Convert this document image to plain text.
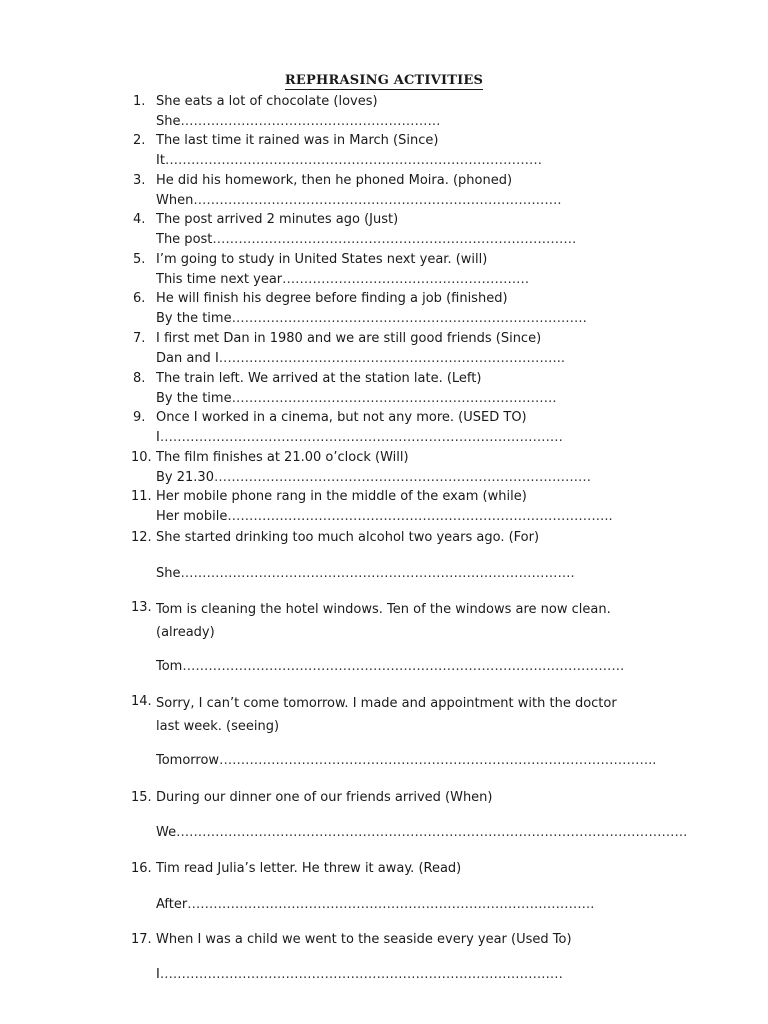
REPHRASING ACTIVITIES
1. She eats a lot of chocolate (loves)
She……………………………………………………
2. The last time it rained was in March (Since)
It……………………………………………………………………………
3. He did his homework, then he phoned Moira. (phoned)
When………………………………………………………………………….
4. The post arrived 2 minutes ago (Just)
The post…………………………………………………………………………
5. I’m going to study in United States next year. (will)
This time next year…………………………………………………
6. He will finish his degree before finding a job (finished)
By the time……………………………………………………………………….
7. I first met Dan in 1980 and we are still good friends (Since)
Dan and I……………………………………………………………………..
8. The train left. We arrived at the station late. (Left)
By the time…………………………………………………………………
9. Once I worked in a cinema, but not any more. (USED TO)
I…………………………………………………………………………………
10. The film finishes at 21.00 o’clock (Will)
By 21.30……………………………………………………………………………
11. Her mobile phone rang in the middle of the exam (while)
Her mobile……………………………………………………………………………..
12. She started drinking too much alcohol two years ago. (For)
She……………………………………………………………………………….
13. Tom is cleaning the hotel windows. Ten of the windows are now clean. (already)
Tom…………………………………………………………………………………………
14. Sorry, I can’t come tomorrow. I made and appointment with the doctor last week. (seeing)
Tomorrow………………………………………………………………………………………..
15. During our dinner one of our friends arrived (When)
We……………………………………………………………………………………………………….
16. Tim read Julia’s letter. He threw it away. (Read)
After………………………………………………………………………………….
17. When I was a child we went to the seaside every year (Used To)
I…………………………………………………………………………………
